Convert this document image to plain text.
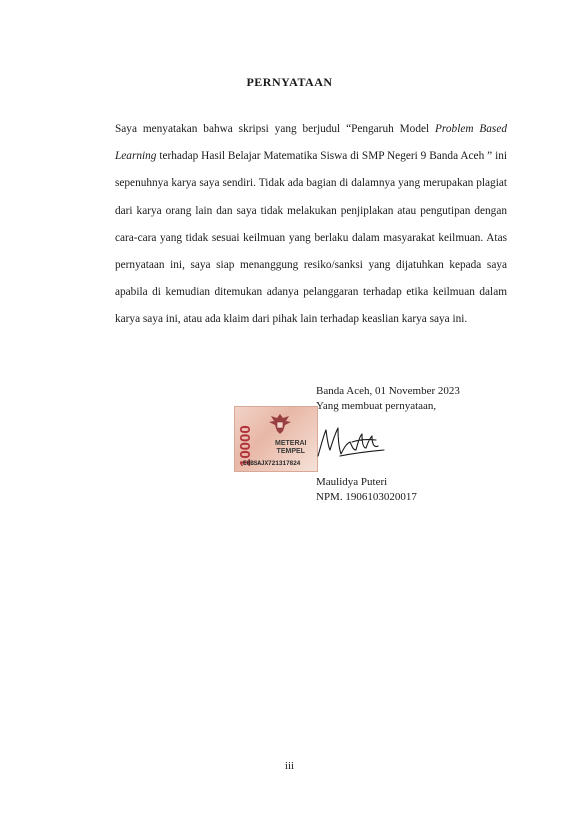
PERNYATAAN
Saya menyatakan bahwa skripsi yang berjudul “Pengaruh Model Problem Based
Learning terhadap Hasil Belajar Matematika Siswa di SMP Negeri 9 Banda Aceh ” ini
sepenuhnya karya saya sendiri. Tidak ada bagian di dalamnya yang merupakan plagiat
dari karya orang lain dan saya tidak melakukan penjiplakan atau pengutipan dengan
cara-cara yang tidak sesuai keilmuan yang berlaku dalam masyarakat keilmuan. Atas
pernyataan ini, saya siap menanggung resiko/sanksi yang dijatuhkan kepada saya
apabila di kemudian ditemukan adanya pelanggaran terhadap etika keilmuan dalam
karya saya ini, atau ada klaim dari pihak lain terhadap keaslian karya saya ini.
10000	METERAI
TEMPEL
E8BSAJX721317824
Banda Aceh, 01 November 2023
Yang membuat pernyataan,
Maulidya Puteri
NPM. 1906103020017
iii
